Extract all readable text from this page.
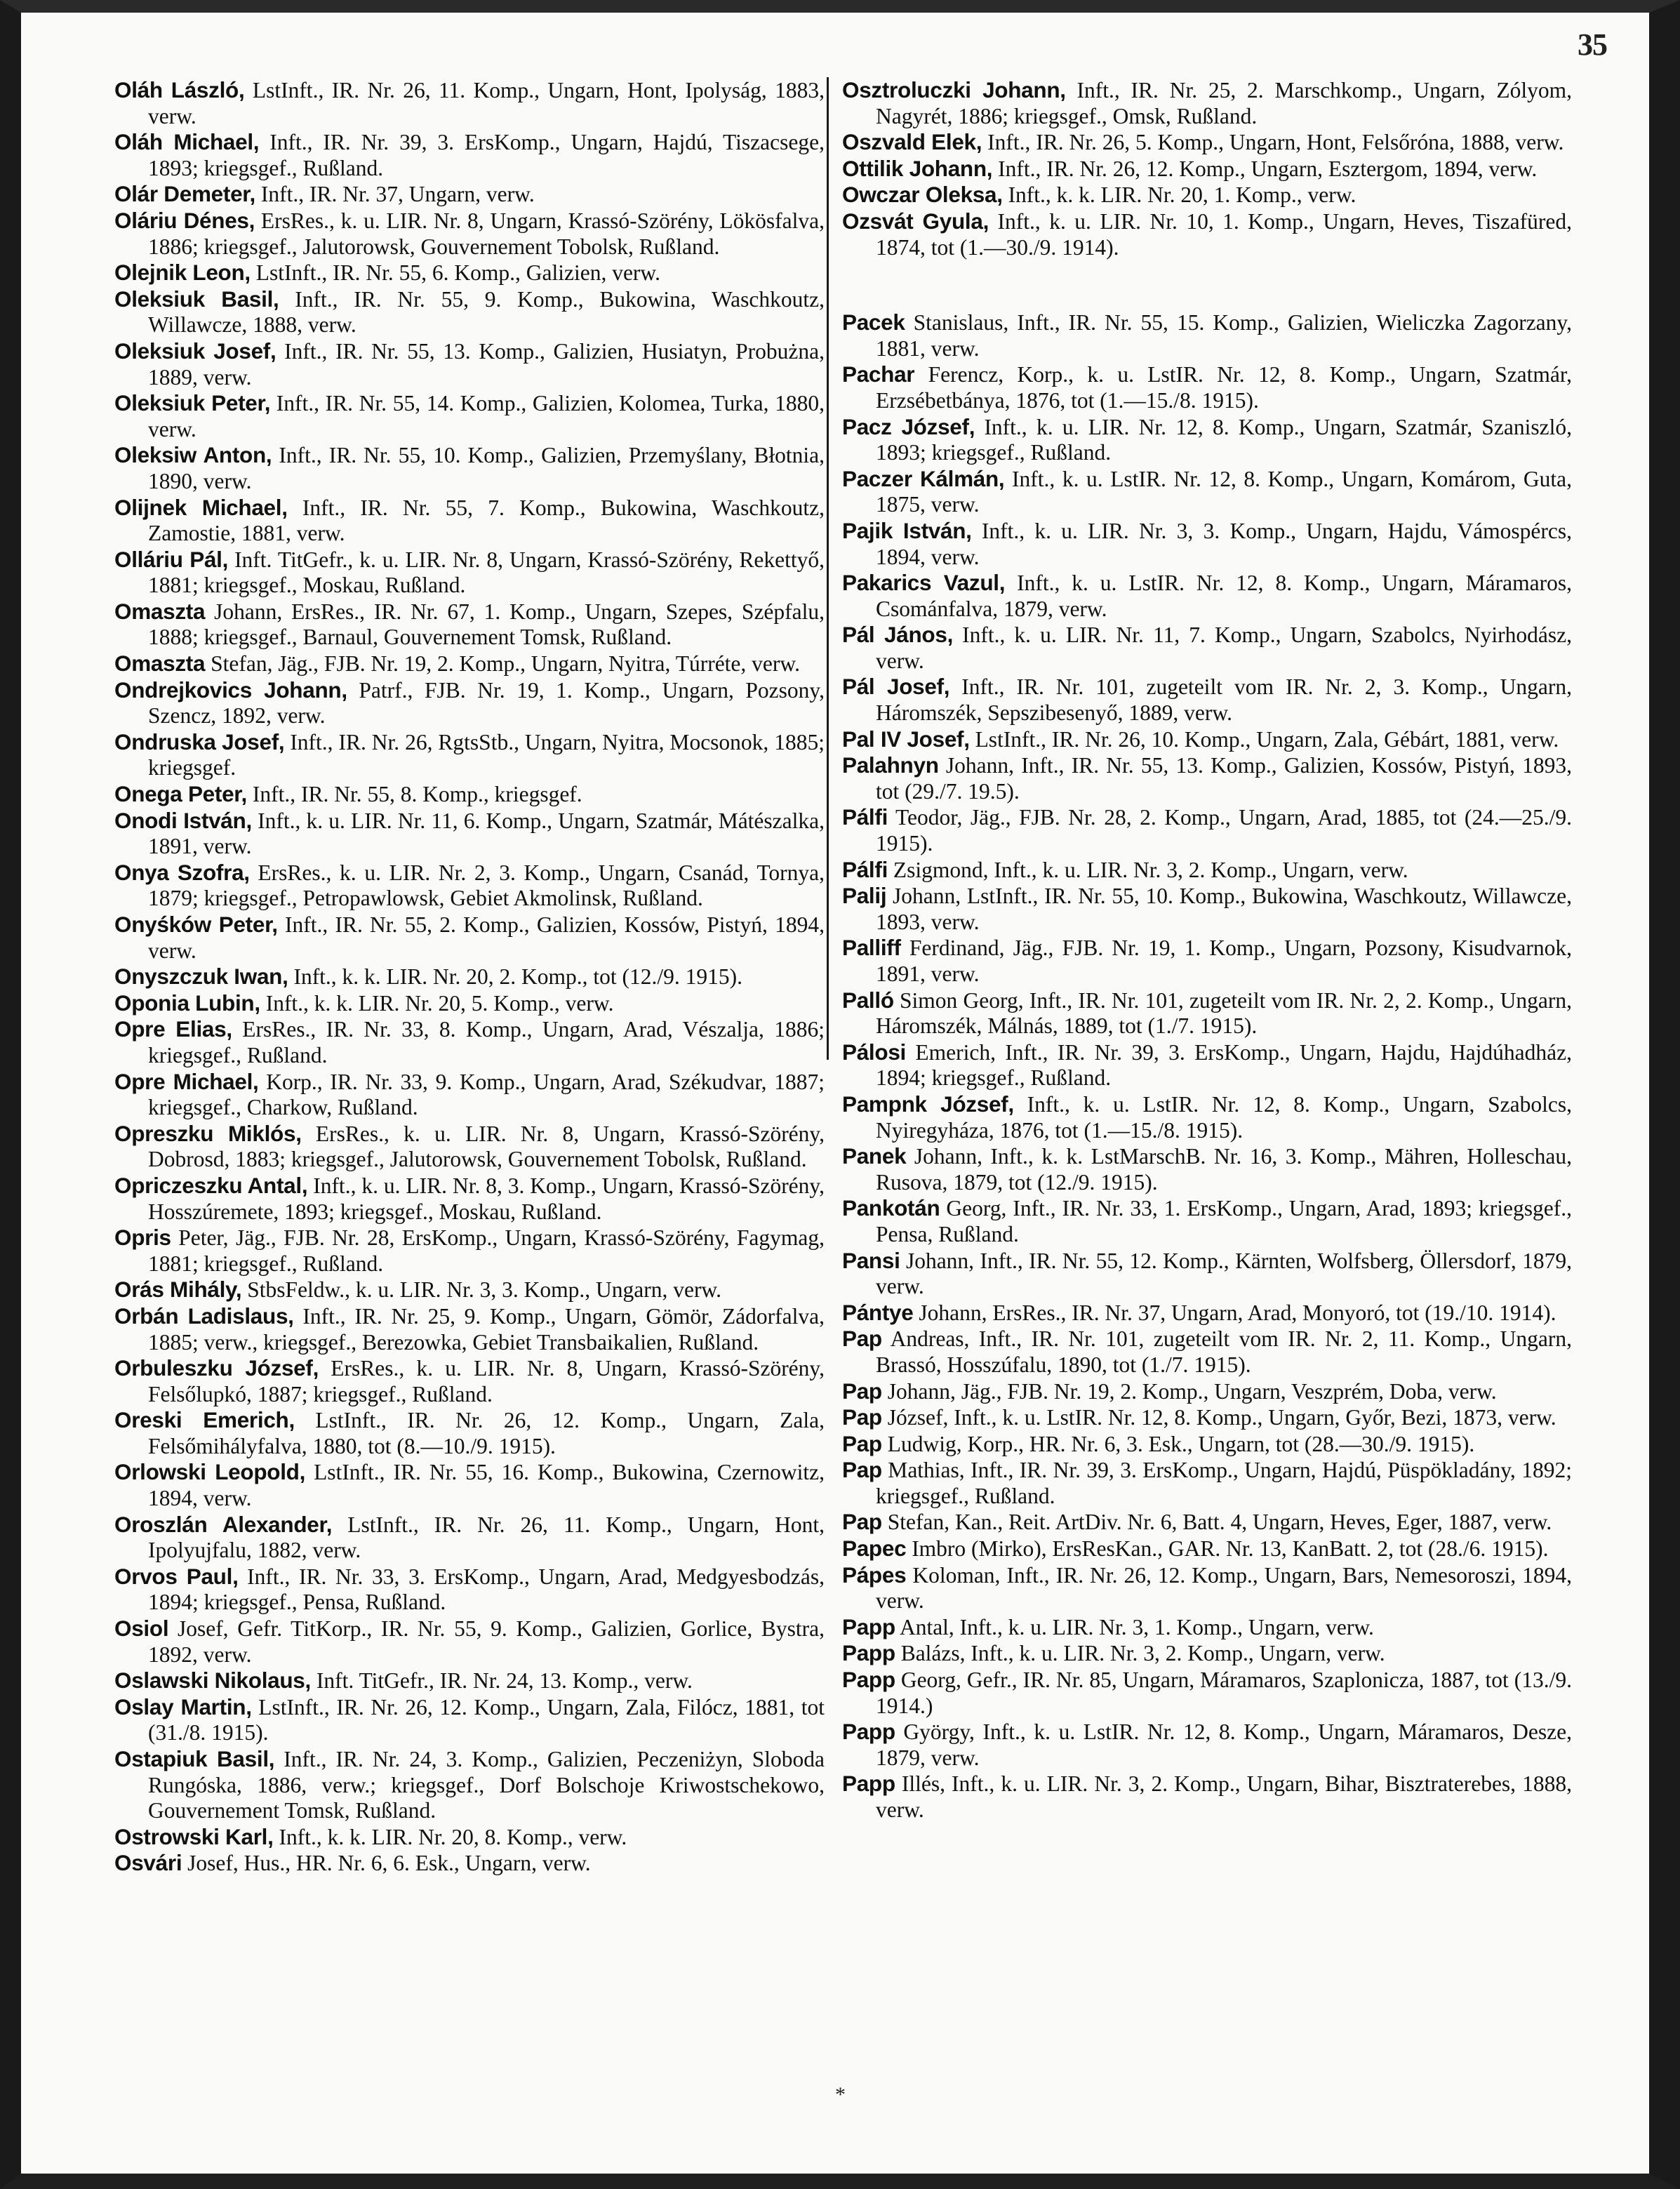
35

Oláh László, LstInft., IR. Nr. 26, 11. Komp., Ungarn, Hont, Ipolyság, 1883, verw.

Oláh Michael, Inft., IR. Nr. 39, 3. ErsKomp., Ungarn, Hajdú, Tiszacsege, 1893; kriegsgef., Rußland.

Olár Demeter, Inft., IR. Nr. 37, Ungarn, verw.

Oláriu Dénes, ErsRes., k. u. LIR. Nr. 8, Ungarn, Krassó-Szörény, Lökösfalva, 1886; kriegsgef., Jalutorowsk, Gouvernement Tobolsk, Rußland.

Olejnik Leon, LstInft., IR. Nr. 55, 6. Komp., Galizien, verw.

Oleksiuk Basil, Inft., IR. Nr. 55, 9. Komp., Bukowina, Waschkoutz, Willawcze, 1888, verw.

Oleksiuk Josef, Inft., IR. Nr. 55, 13. Komp., Galizien, Husiatyn, Probużna, 1889, verw.

Oleksiuk Peter, Inft., IR. Nr. 55, 14. Komp., Galizien, Kolomea, Turka, 1880, verw.

Oleksiw Anton, Inft., IR. Nr. 55, 10. Komp., Galizien, Przemyślany, Błotnia, 1890, verw.

Olijnek Michael, Inft., IR. Nr. 55, 7. Komp., Bukowina, Waschkoutz, Zamostie, 1881, verw.

Olláriu Pál, Inft. TitGefr., k. u. LIR. Nr. 8, Ungarn, Krassó-Szörény, Rekettyő, 1881; kriegsgef., Moskau, Rußland.

Omaszta Johann, ErsRes., IR. Nr. 67, 1. Komp., Ungarn, Szepes, Szépfalu, 1888; kriegsgef., Barnaul, Gouvernement Tomsk, Rußland.

Omaszta Stefan, Jäg., FJB. Nr. 19, 2. Komp., Ungarn, Nyitra, Túrréte, verw.

Ondrejkovics Johann, Patrf., FJB. Nr. 19, 1. Komp., Ungarn, Pozsony, Szencz, 1892, verw.

Ondruska Josef, Inft., IR. Nr. 26, RgtsStb., Ungarn, Nyitra, Mocsonok, 1885; kriegsgef.

Onega Peter, Inft., IR. Nr. 55, 8. Komp., kriegsgef.

Onodi István, Inft., k. u. LIR. Nr. 11, 6. Komp., Ungarn, Szatmár, Mátészalka, 1891, verw.

Onya Szofra, ErsRes., k. u. LIR. Nr. 2, 3. Komp., Ungarn, Csanád, Tornya, 1879; kriegsgef., Petropawlowsk, Gebiet Akmolinsk, Rußland.

Onyśków Peter, Inft., IR. Nr. 55, 2. Komp., Galizien, Kossów, Pistyń, 1894, verw.

Onyszczuk Iwan, Inft., k. k. LIR. Nr. 20, 2. Komp., tot (12./9. 1915).

Oponia Lubin, Inft., k. k. LIR. Nr. 20, 5. Komp., verw.

Opre Elias, ErsRes., IR. Nr. 33, 8. Komp., Ungarn, Arad, Vészalja, 1886; kriegsgef., Rußland.

Opre Michael, Korp., IR. Nr. 33, 9. Komp., Ungarn, Arad, Székudvar, 1887; kriegsgef., Charkow, Rußland.

Opreszku Miklós, ErsRes., k. u. LIR. Nr. 8, Ungarn, Krassó-Szörény, Dobrosd, 1883; kriegsgef., Jalutorowsk, Gouvernement Tobolsk, Rußland.

Opriczeszku Antal, Inft., k. u. LIR. Nr. 8, 3. Komp., Ungarn, Krassó-Szörény, Hosszúremete, 1893; kriegsgef., Moskau, Rußland.

Opris Peter, Jäg., FJB. Nr. 28, ErsKomp., Ungarn, Krassó-Szörény, Fagymag, 1881; kriegsgef., Rußland.

Orás Mihály, StbsFeldw., k. u. LIR. Nr. 3, 3. Komp., Ungarn, verw.

Orbán Ladislaus, Inft., IR. Nr. 25, 9. Komp., Ungarn, Gömör, Zádorfalva, 1885; verw., kriegsgef., Berezowka, Gebiet Transbaikalien, Rußland.

Orbuleszku József, ErsRes., k. u. LIR. Nr. 8, Ungarn, Krassó-Szörény, Felsőlupkó, 1887; kriegsgef., Rußland.

Oreski Emerich, LstInft., IR. Nr. 26, 12. Komp., Ungarn, Zala, Felsőmihályfalva, 1880, tot (8.—10./9. 1915).

Orlowski Leopold, LstInft., IR. Nr. 55, 16. Komp., Bukowina, Czernowitz, 1894, verw.

Oroszlán Alexander, LstInft., IR. Nr. 26, 11. Komp., Ungarn, Hont, Ipolyujfalu, 1882, verw.

Orvos Paul, Inft., IR. Nr. 33, 3. ErsKomp., Ungarn, Arad, Medgyesbodzás, 1894; kriegsgef., Pensa, Rußland.

Osiol Josef, Gefr. TitKorp., IR. Nr. 55, 9. Komp., Galizien, Gorlice, Bystra, 1892, verw.

Oslawski Nikolaus, Inft. TitGefr., IR. Nr. 24, 13. Komp., verw.

Oslay Martin, LstInft., IR. Nr. 26, 12. Komp., Ungarn, Zala, Filócz, 1881, tot (31./8. 1915).

Ostapiuk Basil, Inft., IR. Nr. 24, 3. Komp., Galizien, Peczeniżyn, Sloboda Rungóska, 1886, verw.; kriegsgef., Dorf Bolschoje Kriwostschekowo, Gouvernement Tomsk, Rußland.

Ostrowski Karl, Inft., k. k. LIR. Nr. 20, 8. Komp., verw.

Osvári Josef, Hus., HR. Nr. 6, 6. Esk., Ungarn, verw.

Osztroluczki Johann, Inft., IR. Nr. 25, 2. Marschkomp., Ungarn, Zólyom, Nagyrét, 1886; kriegsgef., Omsk, Rußland.

Oszvald Elek, Inft., IR. Nr. 26, 5. Komp., Ungarn, Hont, Felsőróna, 1888, verw.

Ottilik Johann, Inft., IR. Nr. 26, 12. Komp., Ungarn, Esztergom, 1894, verw.

Owczar Oleksa, Inft., k. k. LIR. Nr. 20, 1. Komp., verw.

Ozsvát Gyula, Inft., k. u. LIR. Nr. 10, 1. Komp., Ungarn, Heves, Tiszafüred, 1874, tot (1.—30./9. 1914).

Pacek Stanislaus, Inft., IR. Nr. 55, 15. Komp., Galizien, Wieliczka Zagorzany, 1881, verw.

Pachar Ferencz, Korp., k. u. LstIR. Nr. 12, 8. Komp., Ungarn, Szatmár, Erzsébetbánya, 1876, tot (1.—15./8. 1915).

Pacz József, Inft., k. u. LIR. Nr. 12, 8. Komp., Ungarn, Szatmár, Szaniszló, 1893; kriegsgef., Rußland.

Paczer Kálmán, Inft., k. u. LstIR. Nr. 12, 8. Komp., Ungarn, Komárom, Guta, 1875, verw.

Pajik István, Inft., k. u. LIR. Nr. 3, 3. Komp., Ungarn, Hajdu, Vámospércs, 1894, verw.

Pakarics Vazul, Inft., k. u. LstIR. Nr. 12, 8. Komp., Ungarn, Máramaros, Csománfalva, 1879, verw.

Pál János, Inft., k. u. LIR. Nr. 11, 7. Komp., Ungarn, Szabolcs, Nyirhodász, verw.

Pál Josef, Inft., IR. Nr. 101, zugeteilt vom IR. Nr. 2, 3. Komp., Ungarn, Háromszék, Sepszibesenyő, 1889, verw.

Pal IV Josef, LstInft., IR. Nr. 26, 10. Komp., Ungarn, Zala, Gébárt, 1881, verw.

Palahnyn Johann, Inft., IR. Nr. 55, 13. Komp., Galizien, Kossów, Pistyń, 1893, tot (29./7. 19.5).

Pálfi Teodor, Jäg., FJB. Nr. 28, 2. Komp., Ungarn, Arad, 1885, tot (24.—25./9. 1915).

Pálfi Zsigmond, Inft., k. u. LIR. Nr. 3, 2. Komp., Ungarn, verw.

Palij Johann, LstInft., IR. Nr. 55, 10. Komp., Bukowina, Waschkoutz, Willawcze, 1893, verw.

Palliff Ferdinand, Jäg., FJB. Nr. 19, 1. Komp., Ungarn, Pozsony, Kisudvarnok, 1891, verw.

Palló Simon Georg, Inft., IR. Nr. 101, zugeteilt vom IR. Nr. 2, 2. Komp., Ungarn, Háromszék, Málnás, 1889, tot (1./7. 1915).

Pálosi Emerich, Inft., IR. Nr. 39, 3. ErsKomp., Ungarn, Hajdu, Hajdúhadház, 1894; kriegsgef., Rußland.

Pampnk József, Inft., k. u. LstIR. Nr. 12, 8. Komp., Ungarn, Szabolcs, Nyiregyháza, 1876, tot (1.—15./8. 1915).

Panek Johann, Inft., k. k. LstMarschB. Nr. 16, 3. Komp., Mähren, Holleschau, Rusova, 1879, tot (12./9. 1915).

Pankotán Georg, Inft., IR. Nr. 33, 1. ErsKomp., Ungarn, Arad, 1893; kriegsgef., Pensa, Rußland.

Pansi Johann, Inft., IR. Nr. 55, 12. Komp., Kärnten, Wolfsberg, Öllersdorf, 1879, verw.

Pántye Johann, ErsRes., IR. Nr. 37, Ungarn, Arad, Monyoró, tot (19./10. 1914).

Pap Andreas, Inft., IR. Nr. 101, zugeteilt vom IR. Nr. 2, 11. Komp., Ungarn, Brassó, Hosszúfalu, 1890, tot (1./7. 1915).

Pap Johann, Jäg., FJB. Nr. 19, 2. Komp., Ungarn, Veszprém, Doba, verw.

Pap József, Inft., k. u. LstIR. Nr. 12, 8. Komp., Ungarn, Győr, Bezi, 1873, verw.

Pap Ludwig, Korp., HR. Nr. 6, 3. Esk., Ungarn, tot (28.—30./9. 1915).

Pap Mathias, Inft., IR. Nr. 39, 3. ErsKomp., Ungarn, Hajdú, Püspökladány, 1892; kriegsgef., Rußland.

Pap Stefan, Kan., Reit. ArtDiv. Nr. 6, Batt. 4, Ungarn, Heves, Eger, 1887, verw.

Papec Imbro (Mirko), ErsResKan., GAR. Nr. 13, KanBatt. 2, tot (28./6. 1915).

Pápes Koloman, Inft., IR. Nr. 26, 12. Komp., Ungarn, Bars, Nemesoroszi, 1894, verw.

Papp Antal, Inft., k. u. LIR. Nr. 3, 1. Komp., Ungarn, verw.

Papp Balázs, Inft., k. u. LIR. Nr. 3, 2. Komp., Ungarn, verw.

Papp Georg, Gefr., IR. Nr. 85, Ungarn, Máramaros, Szaplonicza, 1887, tot (13./9. 1914.)

Papp György, Inft., k. u. LstIR. Nr. 12, 8. Komp., Ungarn, Máramaros, Desze, 1879, verw.

Papp Illés, Inft., k. u. LIR. Nr. 3, 2. Komp., Ungarn, Bihar, Bisztraterebes, 1888, verw.

*
